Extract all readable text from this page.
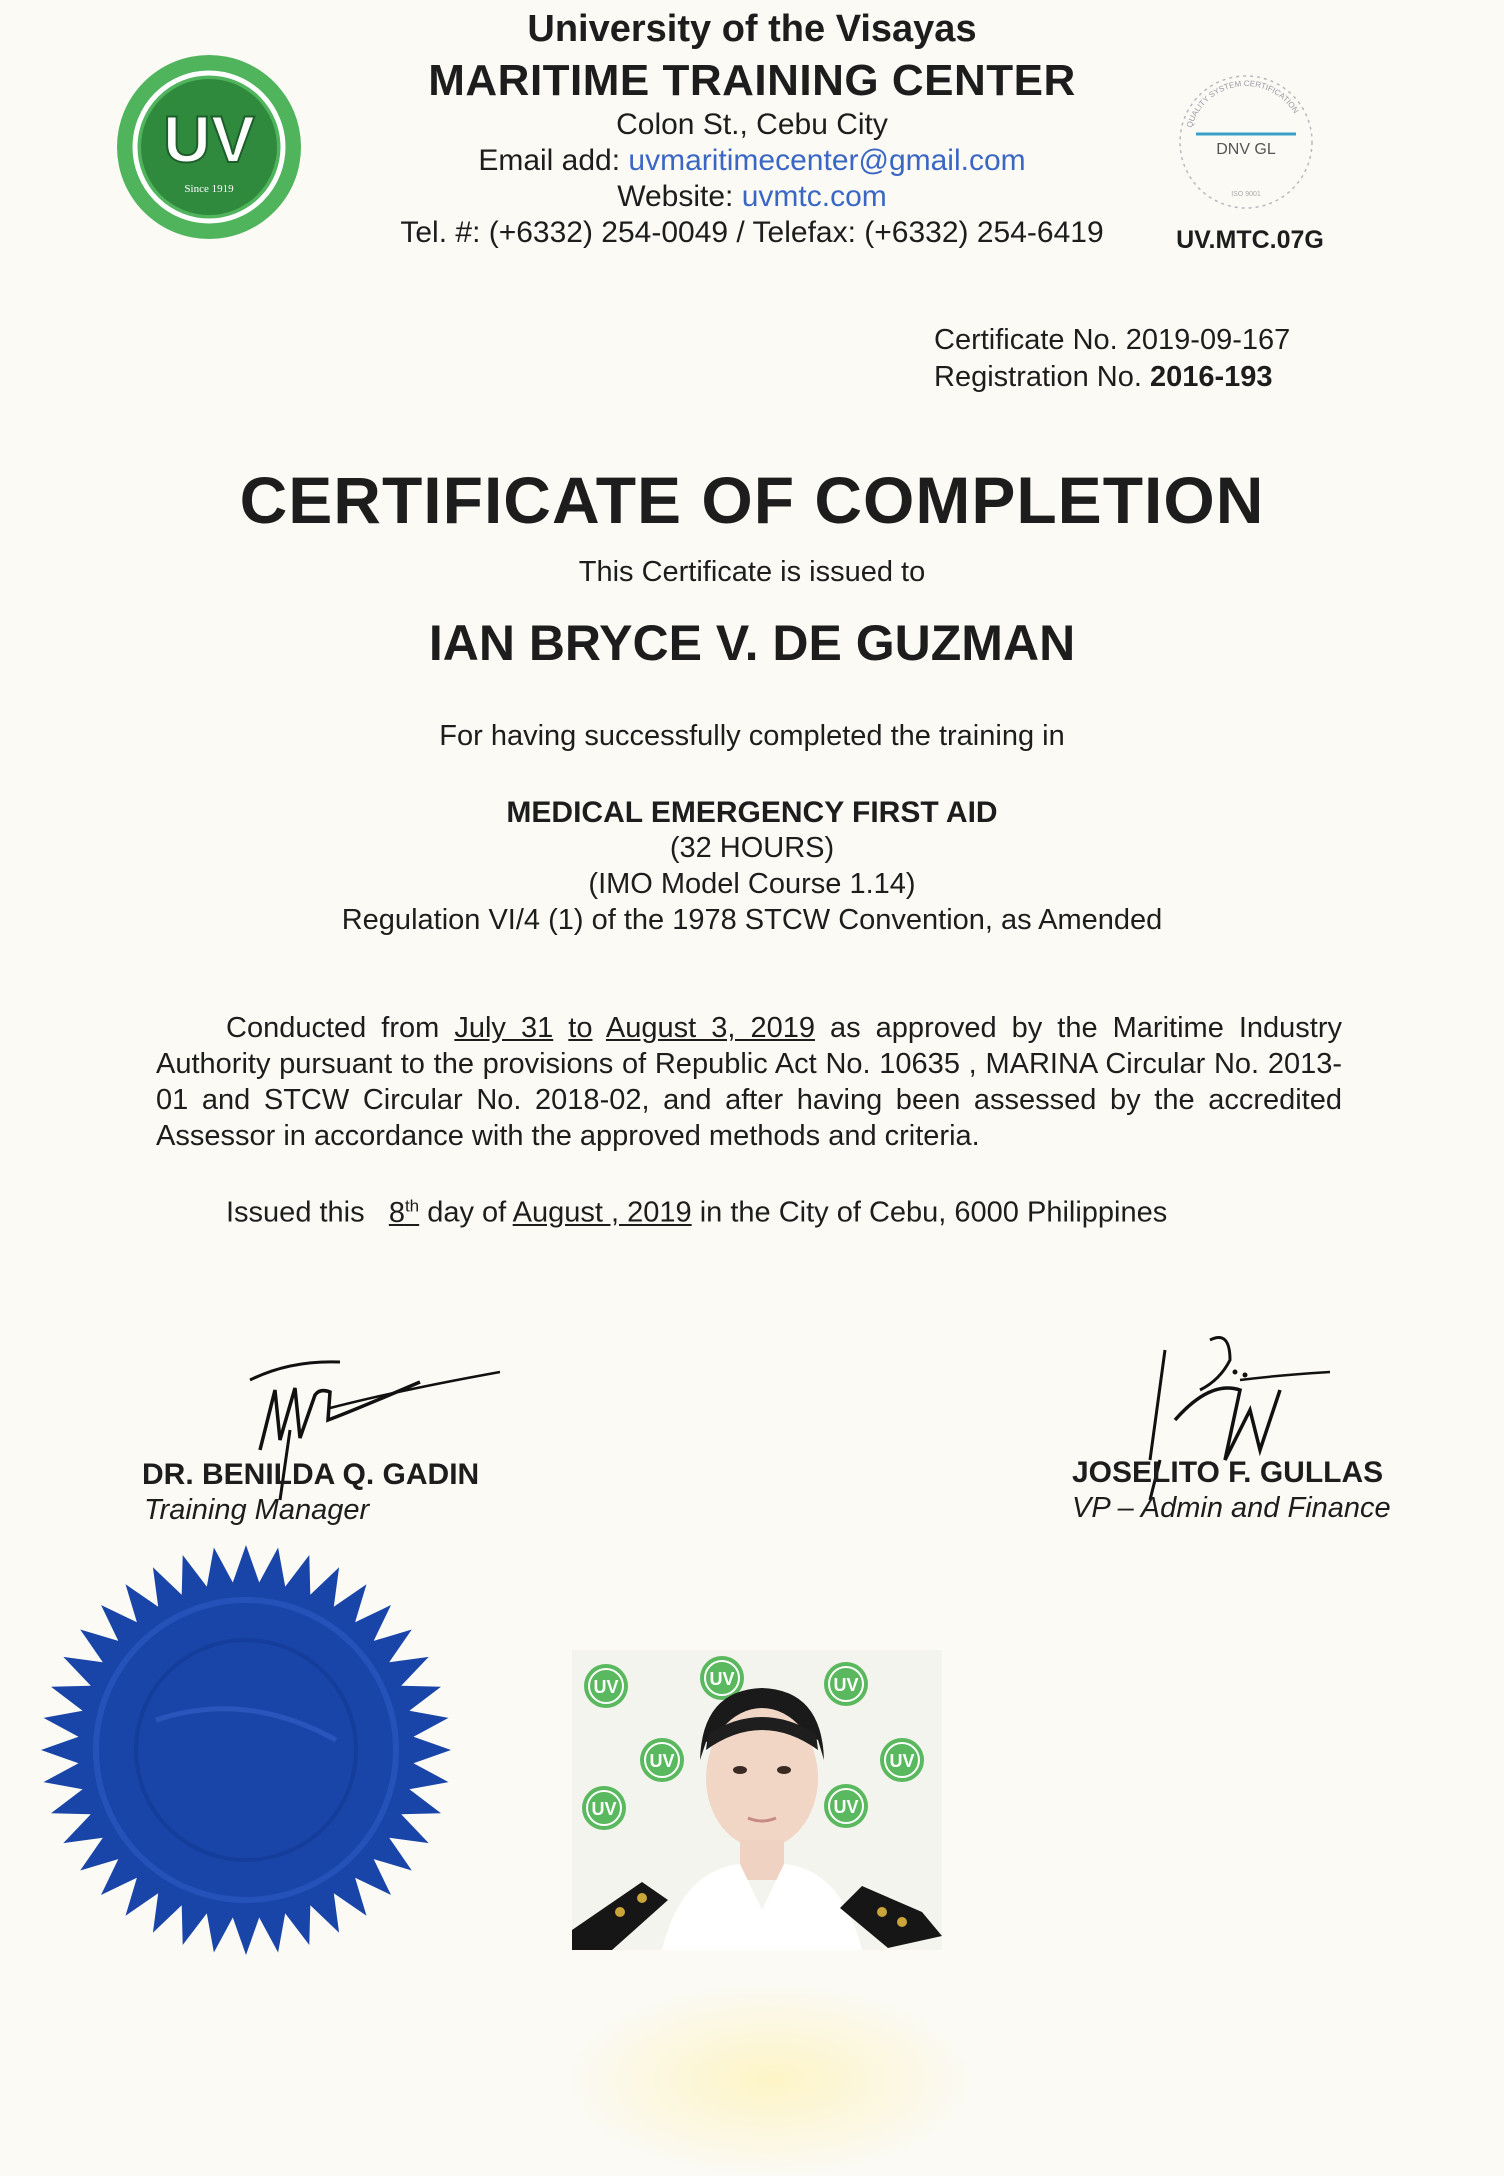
UV
Since 1919
University of the Visayas
MARITIME TRAINING CENTER
Colon St., Cebu City
Email add: uvmaritimecenter@gmail.com
Website: uvmtc.com
Tel. #: (+6332) 254-0049 / Telefax: (+6332) 254-6419
QUALITY SYSTEM CERTIFICATION
DNV GL
ISO 9001
UV.MTC.07G
Certificate No. 2019-09-167
Registration No. 2016-193
CERTIFICATE OF COMPLETION
This Certificate is issued to
IAN BRYCE V. DE GUZMAN
For having successfully completed the training in
MEDICAL EMERGENCY FIRST AID
(32 HOURS)
(IMO Model Course 1.14)
Regulation VI/4 (1) of the 1978 STCW Convention, as Amended
Conducted from July 31 to August 3, 2019 as approved by the Maritime Industry Authority pursuant to the provisions of Republic Act No. 10635 , MARINA Circular No. 2013-01 and STCW Circular No. 2018-02, and after having been assessed by the accredited Assessor in accordance with the approved methods and criteria.
Issued this 8th day of August , 2019 in the City of Cebu, 6000 Philippines
DR. BENILDA Q. GADIN
Training Manager
JOSELITO F. GULLAS
VP – Admin and Finance
UV	UV	UV
UV	UV
UV	UV
